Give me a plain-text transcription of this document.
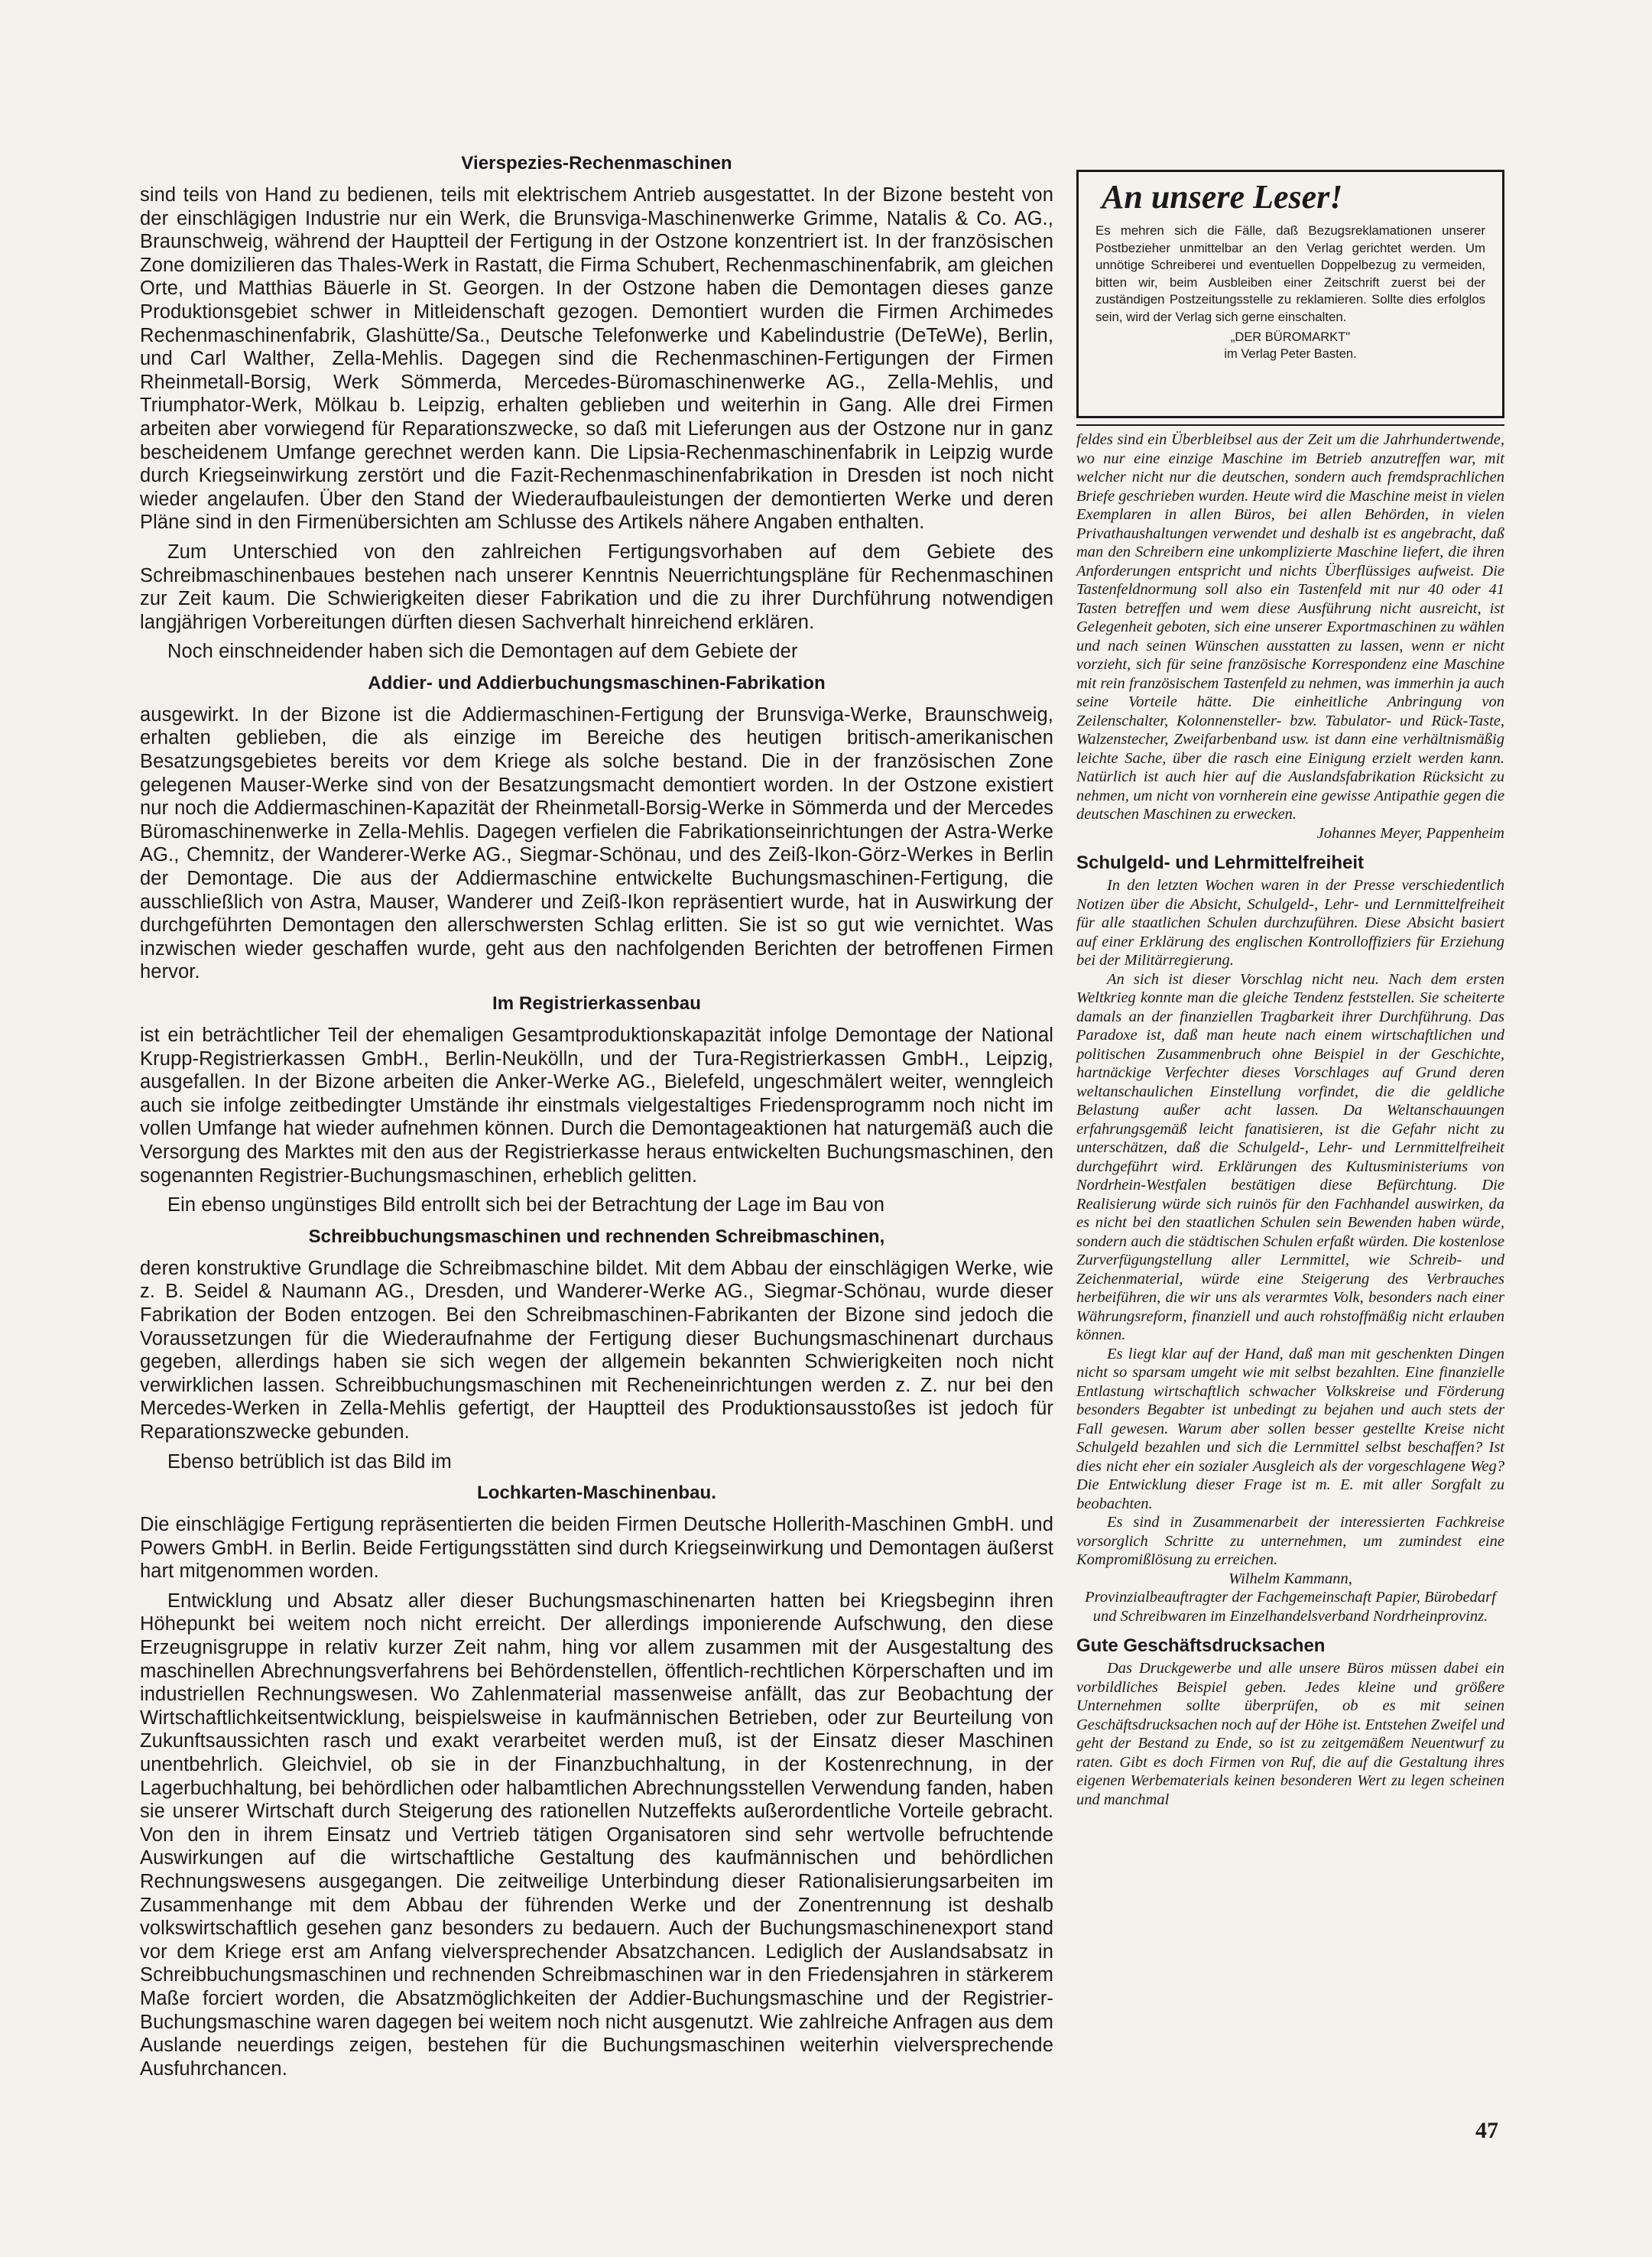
Vierspezies-Rechenmaschinen

sind teils von Hand zu bedienen, teils mit elektrischem Antrieb ausgestattet. In der Bizone besteht von der einschlägigen Industrie nur ein Werk, die Brunsviga-Maschinenwerke Grimme, Natalis & Co. AG., Braunschweig, während der Hauptteil der Fertigung in der Ostzone konzentriert ist. In der französischen Zone domizilieren das Thales-Werk in Rastatt, die Firma Schubert, Rechenmaschinenfabrik, am gleichen Orte, und Matthias Bäuerle in St. Georgen. In der Ostzone haben die Demontagen dieses ganze Produktionsgebiet schwer in Mitleidenschaft gezogen. Demontiert wurden die Firmen Archimedes Rechenmaschinenfabrik, Glashütte/Sa., Deutsche Telefonwerke und Kabelindustrie (DeTeWe), Berlin, und Carl Walther, Zella-Mehlis. Dagegen sind die Rechenmaschinen-Fertigungen der Firmen Rheinmetall-Borsig, Werk Sömmerda, Mercedes-Büromaschinenwerke AG., Zella-Mehlis, und Triumphator-Werk, Mölkau b. Leipzig, erhalten geblieben und weiterhin in Gang. Alle drei Firmen arbeiten aber vorwiegend für Reparationszwecke, so daß mit Lieferungen aus der Ostzone nur in ganz bescheidenem Umfange gerechnet werden kann. Die Lipsia-Rechenmaschinenfabrik in Leipzig wurde durch Kriegseinwirkung zerstört und die Fazit-Rechenmaschinenfabrikation in Dresden ist noch nicht wieder angelaufen. Über den Stand der Wiederaufbauleistungen der demontierten Werke und deren Pläne sind in den Firmenübersichten am Schlusse des Artikels nähere Angaben enthalten.

Zum Unterschied von den zahlreichen Fertigungsvorhaben auf dem Gebiete des Schreibmaschinenbaues bestehen nach unserer Kenntnis Neuerrichtungspläne für Rechenmaschinen zur Zeit kaum. Die Schwierigkeiten dieser Fabrikation und die zu ihrer Durchführung notwendigen langjährigen Vorbereitungen dürften diesen Sachverhalt hinreichend erklären.

Noch einschneidender haben sich die Demontagen auf dem Gebiete der

Addier- und Addierbuchungsmaschinen-Fabrikation

ausgewirkt. In der Bizone ist die Addiermaschinen-Fertigung der Brunsviga-Werke, Braunschweig, erhalten geblieben, die als einzige im Bereiche des heutigen britisch-amerikanischen Besatzungsgebietes bereits vor dem Kriege als solche bestand. Die in der französischen Zone gelegenen Mauser-Werke sind von der Besatzungsmacht demontiert worden. In der Ostzone existiert nur noch die Addiermaschinen-Kapazität der Rheinmetall-Borsig-Werke in Sömmerda und der Mercedes Büromaschinenwerke in Zella-Mehlis. Dagegen verfielen die Fabrikationseinrichtungen der Astra-Werke AG., Chemnitz, der Wanderer-Werke AG., Siegmar-Schönau, und des Zeiß-Ikon-Görz-Werkes in Berlin der Demontage. Die aus der Addiermaschine entwickelte Buchungsmaschinen-Fertigung, die ausschließlich von Astra, Mauser, Wanderer und Zeiß-Ikon repräsentiert wurde, hat in Auswirkung der durchgeführten Demontagen den allerschwersten Schlag erlitten. Sie ist so gut wie vernichtet. Was inzwischen wieder geschaffen wurde, geht aus den nachfolgenden Berichten der betroffenen Firmen hervor.

Im Registrierkassenbau

ist ein beträchtlicher Teil der ehemaligen Gesamtproduktionskapazität infolge Demontage der National Krupp-Registrierkassen GmbH., Berlin-Neukölln, und der Tura-Registrierkassen GmbH., Leipzig, ausgefallen. In der Bizone arbeiten die Anker-Werke AG., Bielefeld, ungeschmälert weiter, wenngleich auch sie infolge zeitbedingter Umstände ihr einstmals vielgestaltiges Friedensprogramm noch nicht im vollen Umfange hat wieder aufnehmen können. Durch die Demontageaktionen hat naturgemäß auch die Versorgung des Marktes mit den aus der Registrierkasse heraus entwickelten Buchungsmaschinen, den sogenannten Registrier-Buchungsmaschinen, erheblich gelitten.

Ein ebenso ungünstiges Bild entrollt sich bei der Betrachtung der Lage im Bau von

Schreibbuchungsmaschinen und rechnenden Schreibmaschinen,

deren konstruktive Grundlage die Schreibmaschine bildet. Mit dem Abbau der einschlägigen Werke, wie z. B. Seidel & Naumann AG., Dresden, und Wanderer-Werke AG., Siegmar-Schönau, wurde dieser Fabrikation der Boden entzogen. Bei den Schreibmaschinen-Fabrikanten der Bizone sind jedoch die Voraussetzungen für die Wiederaufnahme der Fertigung dieser Buchungsmaschinenart durchaus gegeben, allerdings haben sie sich wegen der allgemein bekannten Schwierigkeiten noch nicht verwirklichen lassen. Schreibbuchungsmaschinen mit Recheneinrichtungen werden z. Z. nur bei den Mercedes-Werken in Zella-Mehlis gefertigt, der Hauptteil des Produktionsausstoßes ist jedoch für Reparationszwecke gebunden.

Ebenso betrüblich ist das Bild im

Lochkarten-Maschinenbau.

Die einschlägige Fertigung repräsentierten die beiden Firmen Deutsche Hollerith-Maschinen GmbH. und Powers GmbH. in Berlin. Beide Fertigungsstätten sind durch Kriegseinwirkung und Demontagen äußerst hart mitgenommen worden.

Entwicklung und Absatz aller dieser Buchungsmaschinenarten hatten bei Kriegsbeginn ihren Höhepunkt bei weitem noch nicht erreicht. Der allerdings imponierende Aufschwung, den diese Erzeugnisgruppe in relativ kurzer Zeit nahm, hing vor allem zusammen mit der Ausgestaltung des maschinellen Abrechnungsverfahrens bei Behördenstellen, öffentlich-rechtlichen Körperschaften und im industriellen Rechnungswesen. Wo Zahlenmaterial massenweise anfällt, das zur Beobachtung der Wirtschaftlichkeitsentwicklung, beispielsweise in kaufmännischen Betrieben, oder zur Beurteilung von Zukunftsaussichten rasch und exakt verarbeitet werden muß, ist der Einsatz dieser Maschinen unentbehrlich. Gleichviel, ob sie in der Finanzbuchhaltung, in der Kostenrechnung, in der Lagerbuchhaltung, bei behördlichen oder halbamtlichen Abrechnungsstellen Verwendung fanden, haben sie unserer Wirtschaft durch Steigerung des rationellen Nutzeffekts außerordentliche Vorteile gebracht. Von den in ihrem Einsatz und Vertrieb tätigen Organisatoren sind sehr wertvolle befruchtende Auswirkungen auf die wirtschaftliche Gestaltung des kaufmännischen und behördlichen Rechnungswesens ausgegangen. Die zeitweilige Unterbindung dieser Rationalisierungsarbeiten im Zusammenhange mit dem Abbau der führenden Werke und der Zonentrennung ist deshalb volkswirtschaftlich gesehen ganz besonders zu bedauern. Auch der Buchungsmaschinenexport stand vor dem Kriege erst am Anfang vielversprechender Absatzchancen. Lediglich der Auslandsabsatz in Schreibbuchungsmaschinen und rechnenden Schreibmaschinen war in den Friedensjahren in stärkerem Maße forciert worden, die Absatzmöglichkeiten der Addier-Buchungsmaschine und der Registrier-Buchungsmaschine waren dagegen bei weitem noch nicht ausgenutzt. Wie zahlreiche Anfragen aus dem Auslande neuerdings zeigen, bestehen für die Buchungsmaschinen weiterhin vielversprechende Ausfuhrchancen.

An unsere Leser!

Es mehren sich die Fälle, daß Bezugsreklamationen unserer Postbezieher unmittelbar an den Verlag gerichtet werden. Um unnötige Schreiberei und eventuellen Doppelbezug zu vermeiden, bitten wir, beim Ausbleiben einer Zeitschrift zuerst bei der zuständigen Postzeitungsstelle zu reklamieren. Sollte dies erfolglos sein, wird der Verlag sich gerne einschalten.

„DER BÜROMARKT"

im Verlag Peter Basten.

feldes sind ein Überbleibsel aus der Zeit um die Jahrhundertwende, wo nur eine einzige Maschine im Betrieb anzutreffen war, mit welcher nicht nur die deutschen, sondern auch fremdsprachlichen Briefe geschrieben wurden. Heute wird die Maschine meist in vielen Exemplaren in allen Büros, bei allen Behörden, in vielen Privathaushaltungen verwendet und deshalb ist es angebracht, daß man den Schreibern eine unkomplizierte Maschine liefert, die ihren Anforderungen entspricht und nichts Überflüssiges aufweist. Die Tastenfeldnormung soll also ein Tastenfeld mit nur 40 oder 41 Tasten betreffen und wem diese Ausführung nicht ausreicht, ist Gelegenheit geboten, sich eine unserer Exportmaschinen zu wählen und nach seinen Wünschen ausstatten zu lassen, wenn er nicht vorzieht, sich für seine französische Korrespondenz eine Maschine mit rein französischem Tastenfeld zu nehmen, was immerhin ja auch seine Vorteile hätte. Die einheitliche Anbringung von Zeilenschalter, Kolonnensteller- bzw. Tabulator- und Rück-Taste, Walzenstecher, Zweifarbenband usw. ist dann eine verhältnismäßig leichte Sache, über die rasch eine Einigung erzielt werden kann. Natürlich ist auch hier auf die Auslandsfabrikation Rücksicht zu nehmen, um nicht von vornherein eine gewisse Antipathie gegen die deutschen Maschinen zu erwecken.

Johannes Meyer, Pappenheim

Schulgeld- und Lehrmittelfreiheit

In den letzten Wochen waren in der Presse verschiedentlich Notizen über die Absicht, Schulgeld-, Lehr- und Lernmittelfreiheit für alle staatlichen Schulen durchzuführen. Diese Absicht basiert auf einer Erklärung des englischen Kontrolloffiziers für Erziehung bei der Militärregierung.

An sich ist dieser Vorschlag nicht neu. Nach dem ersten Weltkrieg konnte man die gleiche Tendenz feststellen. Sie scheiterte damals an der finanziellen Tragbarkeit ihrer Durchführung. Das Paradoxe ist, daß man heute nach einem wirtschaftlichen und politischen Zusammenbruch ohne Beispiel in der Geschichte, hartnäckige Verfechter dieses Vorschlages auf Grund deren weltanschaulichen Einstellung vorfindet, die die geldliche Belastung außer acht lassen. Da Weltanschauungen erfahrungsgemäß leicht fanatisieren, ist die Gefahr nicht zu unterschätzen, daß die Schulgeld-, Lehr- und Lernmittelfreiheit durchgeführt wird. Erklärungen des Kultusministeriums von Nordrhein-Westfalen bestätigen diese Befürchtung. Die Realisierung würde sich ruinös für den Fachhandel auswirken, da es nicht bei den staatlichen Schulen sein Bewenden haben würde, sondern auch die städtischen Schulen erfaßt würden. Die kostenlose Zurverfügungstellung aller Lernmittel, wie Schreib- und Zeichenmaterial, würde eine Steigerung des Verbrauches herbeiführen, die wir uns als verarmtes Volk, besonders nach einer Währungsreform, finanziell und auch rohstoffmäßig nicht erlauben können.

Es liegt klar auf der Hand, daß man mit geschenkten Dingen nicht so sparsam umgeht wie mit selbst bezahlten. Eine finanzielle Entlastung wirtschaftlich schwacher Volkskreise und Förderung besonders Begabter ist unbedingt zu bejahen und auch stets der Fall gewesen. Warum aber sollen besser gestellte Kreise nicht Schulgeld bezahlen und sich die Lernmittel selbst beschaffen? Ist dies nicht eher ein sozialer Ausgleich als der vorgeschlagene Weg? Die Entwicklung dieser Frage ist m. E. mit aller Sorgfalt zu beobachten.

Es sind in Zusammenarbeit der interessierten Fachkreise vorsorglich Schritte zu unternehmen, um zumindest eine Kompromißlösung zu erreichen.

Wilhelm Kammann,

Provinzialbeauftragter der Fachgemeinschaft Papier, Bürobedarf und Schreibwaren im Einzelhandelsverband Nordrheinprovinz.

Gute Geschäftsdrucksachen

Das Druckgewerbe und alle unsere Büros müssen dabei ein vorbildliches Beispiel geben. Jedes kleine und größere Unternehmen sollte überprüfen, ob es mit seinen Geschäftsdrucksachen noch auf der Höhe ist. Entstehen Zweifel und geht der Bestand zu Ende, so ist zu zeitgemäßem Neuentwurf zu raten. Gibt es doch Firmen von Ruf, die auf die Gestaltung ihres eigenen Werbematerials keinen besonderen Wert zu legen scheinen und manchmal

47
